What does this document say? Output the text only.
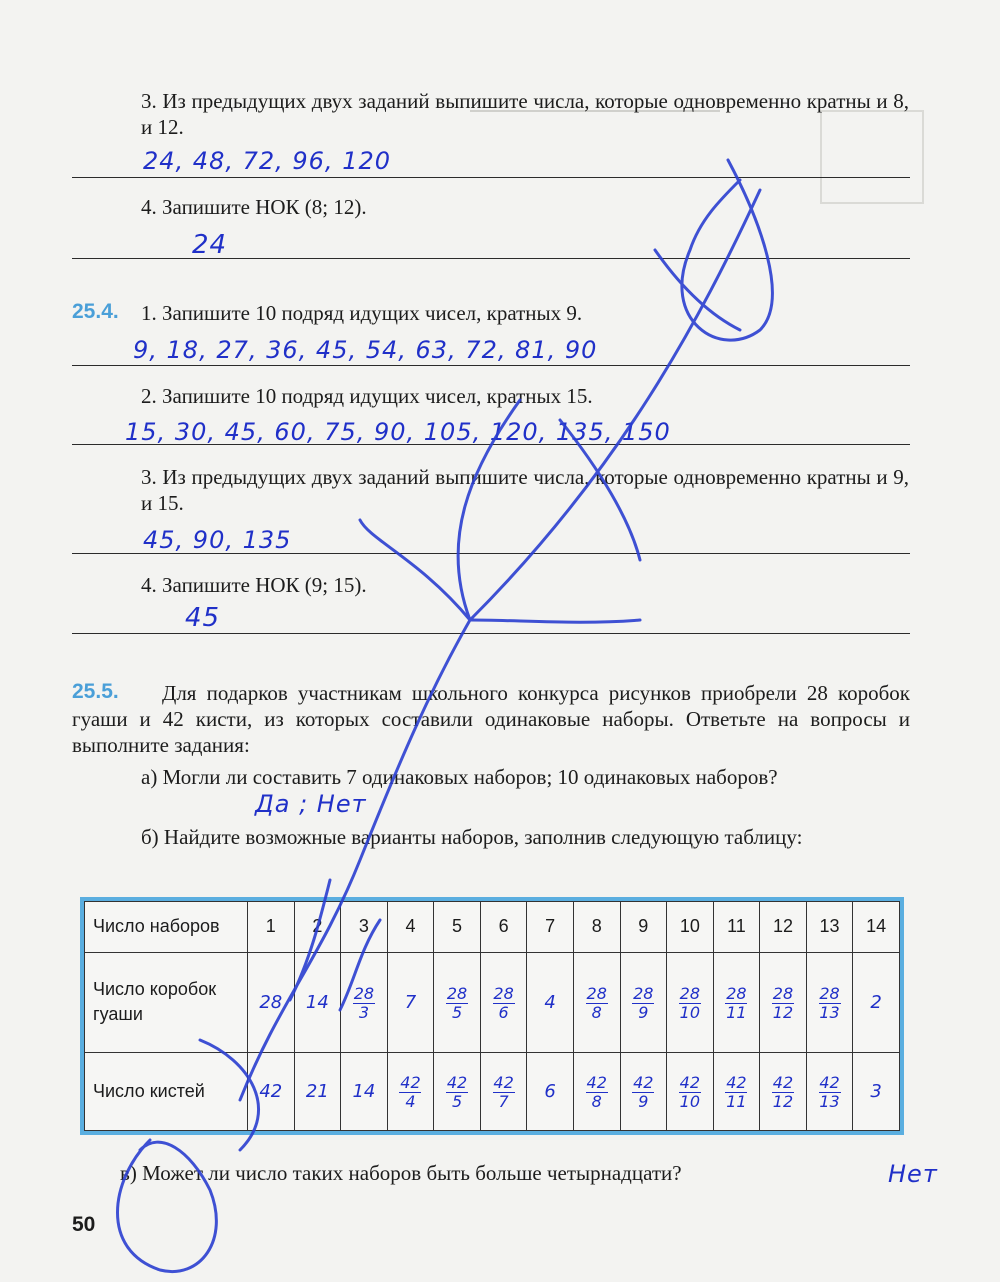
3. Из предыдущих двух заданий выпишите числа, которые одновременно кратны и 8, и 12.
24, 48, 72, 96, 120
4. Запишите НОК (8; 12).
24
25.4. 1. Запишите 10 подряд идущих чисел, кратных 9.
9, 18, 27, 36, 45, 54, 63, 72, 81, 90
2. Запишите 10 подряд идущих чисел, кратных 15.
15, 30, 45, 60, 75, 90, 105, 120, 135, 150
3. Из предыдущих двух заданий выпишите числа, которые одновременно кратны и 9, и 15.
45, 90, 135
4. Запишите НОК (9; 15).
45
Для подарков участникам школьного конкурса рисунков приобрели 28 коробок гуаши и 42 кисти, из которых составили одинаковые наборы. Ответьте на вопросы и выполните задания:
25.5.
а) Могли ли составить 7 одинаковых наборов; 10 одинаковых наборов?
Да ; Нет
б) Найдите возможные варианты наборов, заполнив следующую таблицу:
Число наборов	1	2	3	4	5	6	7	8	9	10	11	12	13	14
Число коробок гуаши	28	14	$\frac{28}{3}$	7	$\frac{28}{5}$	$\frac{28}{6}$	4	$\frac{28}{8}$	$\frac{28}{9}$	$\frac{28}{10}$	$\frac{28}{11}$	$\frac{28}{12}$	$\frac{28}{13}$	2
Число кистей	42	21	14	$\frac{42}{4}$	$\frac{42}{5}$	$\frac{42}{7}$	6	$\frac{42}{8}$	$\frac{42}{9}$	$\frac{42}{10}$	$\frac{42}{11}$	$\frac{42}{12}$	$\frac{42}{13}$	3
в) Может ли число таких наборов быть больше четырнадцати?	Нет
50
